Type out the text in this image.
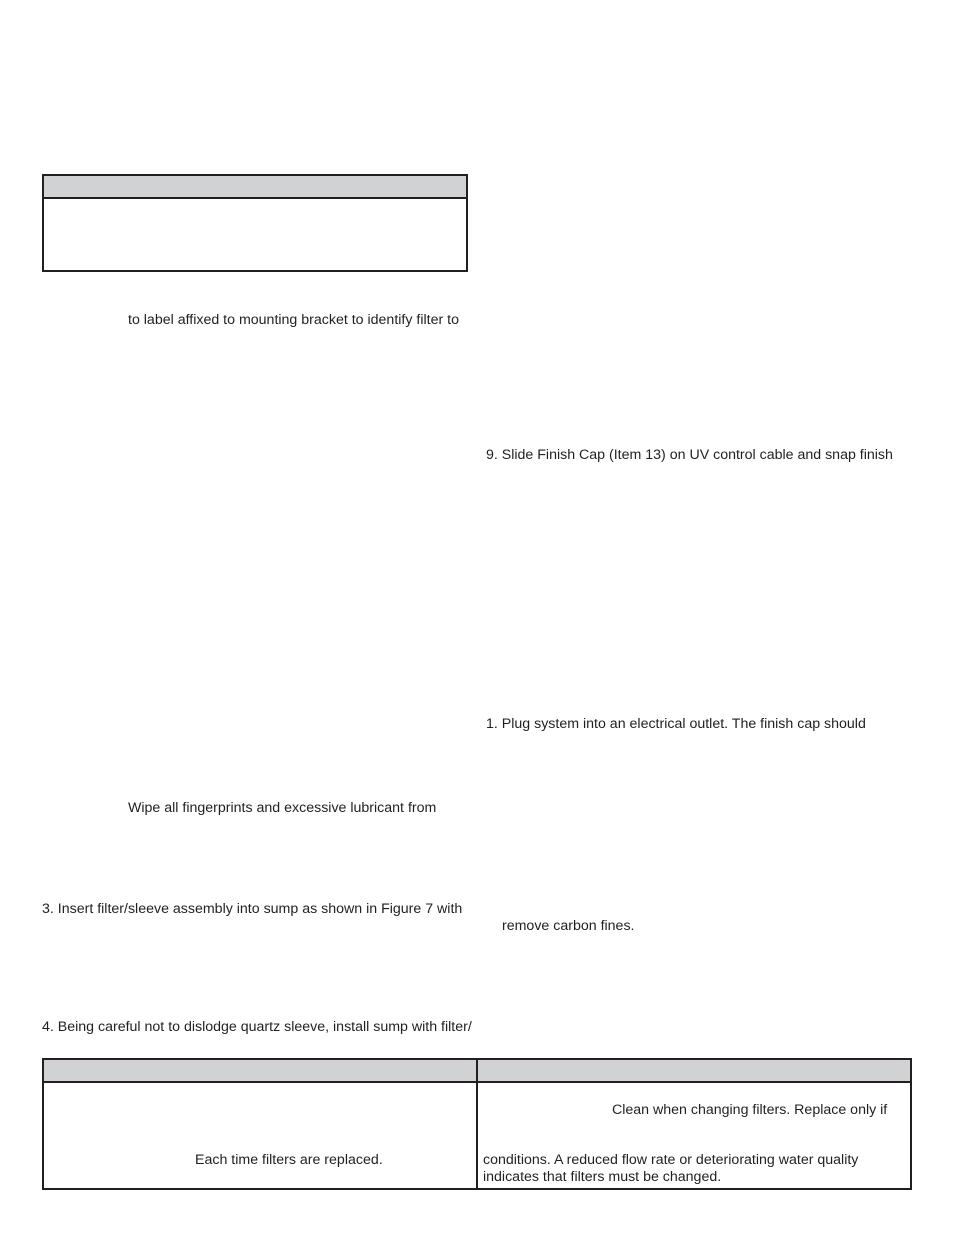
to label affixed to mounting bracket to identify filter to
Wipe all fingerprints and excessive lubricant from
3. Insert filter/sleeve assembly into sump as shown in Figure 7 with
4. Being careful not to dislodge quartz sleeve, install sump with filter/
9. Slide Finish Cap (Item 13) on UV control cable and snap finish
1. Plug system into an electrical outlet. The finish cap should
remove carbon fines.
Each time filters are replaced.
Clean when changing filters. Replace only if
conditions. A reduced flow rate or deteriorating water quality
indicates that filters must be changed.
